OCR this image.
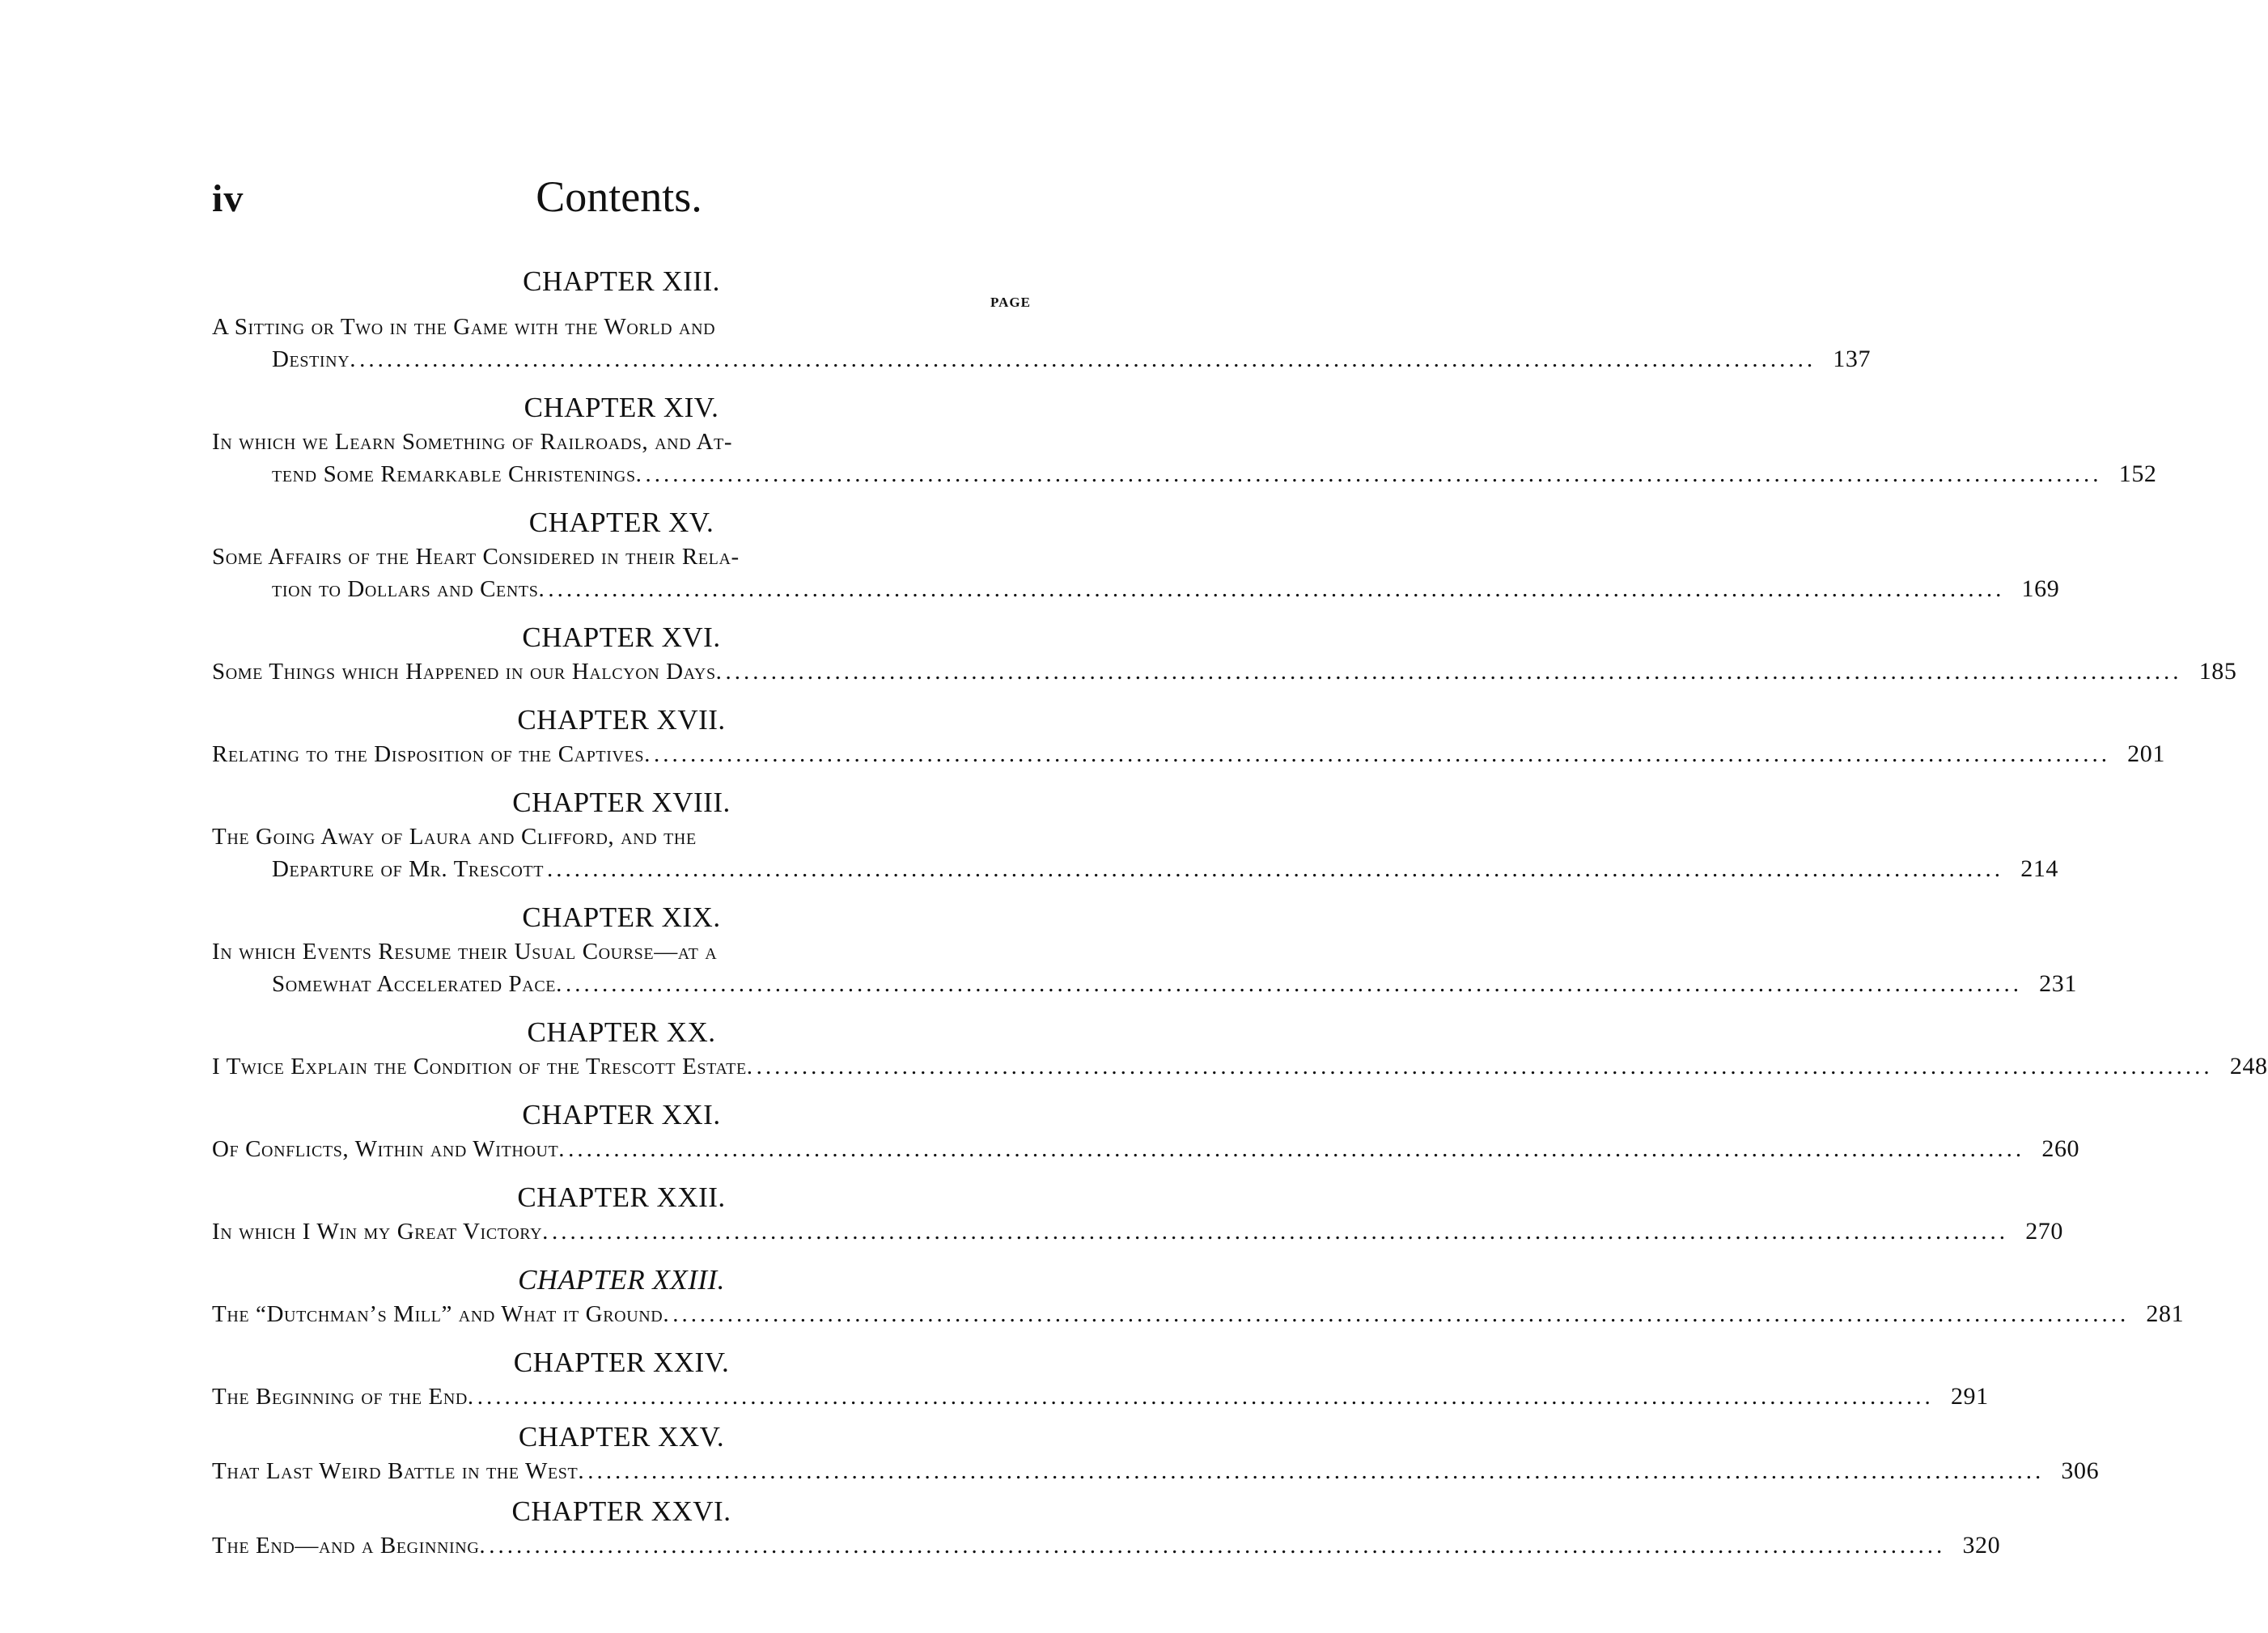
iv	Contents.
CHAPTER XIII.
PAGE
A Sitting or Two in the Game with the World and
Destiny. ................................................................................................................................................................ 137
CHAPTER XIV.
In which we Learn Something of Railroads, and At-
tend Some Remarkable Christenings. ................................................................................................................................................................ 152
CHAPTER XV.
Some Affairs of the Heart Considered in their Rela-
tion to Dollars and Cents. ................................................................................................................................................................ 169
CHAPTER XVI.
Some Things which Happened in our Halcyon Days. ................................................................................................................................................................ 185
CHAPTER XVII.
Relating to the Disposition of the Captives. ................................................................................................................................................................ 201
CHAPTER XVIII.
The Going Away of Laura and Clifford, and the
Departure of Mr. Trescott ................................................................................................................................................................ 214
CHAPTER XIX.
In which Events Resume their Usual Course—at a
Somewhat Accelerated Pace. ................................................................................................................................................................ 231
CHAPTER XX.
I Twice Explain the Condition of the Trescott Estate. ................................................................................................................................................................ 248
CHAPTER XXI.
Of Conflicts, Within and Without. ................................................................................................................................................................ 260
CHAPTER XXII.
In which I Win my Great Victory. ................................................................................................................................................................ 270
CHAPTER XXIII.
The “Dutchman’s Mill” and What it Ground. ................................................................................................................................................................ 281
CHAPTER XXIV.
The Beginning of the End. ................................................................................................................................................................ 291
CHAPTER XXV.
That Last Weird Battle in the West. ................................................................................................................................................................ 306
CHAPTER XXVI.
The End—and a Beginning. ................................................................................................................................................................ 320
